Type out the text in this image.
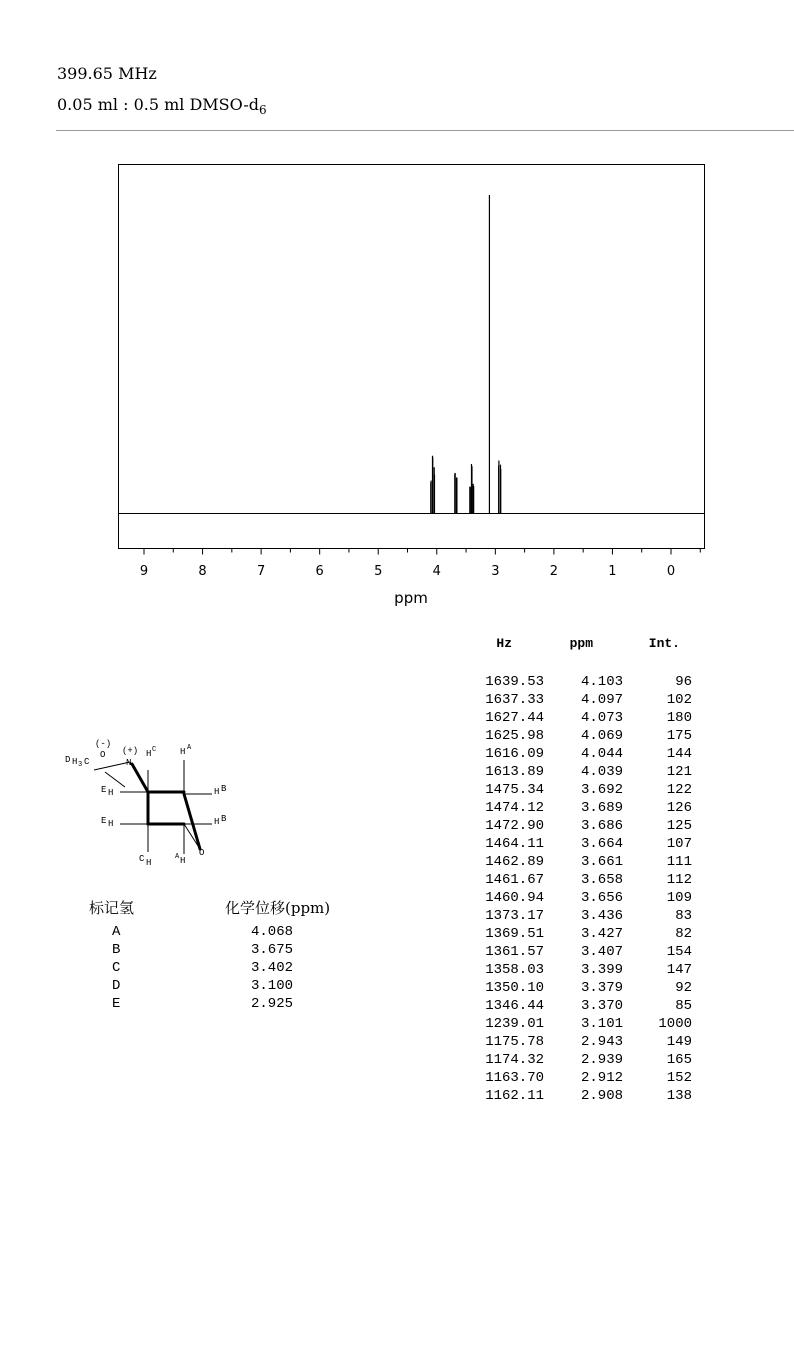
399.65 MHz
0.05 ml : 0.5 ml DMSO-$d_6$
9	8	7	6	5	4	3	2	1	0
ppm
Hz	ppm	Int.
1639.53	4.103	96
1637.33	4.097	102
1627.44	4.073	180
1625.98	4.069	175
1616.09	4.044	144
1613.89	4.039	121
1475.34	3.692	122
1474.12	3.689	126
1472.90	3.686	125
1464.11	3.664	107
1462.89	3.661	111
1461.67	3.658	112
1460.94	3.656	109
1373.17	3.436	83
1369.51	3.427	82
1361.57	3.407	154
1358.03	3.399	147
1350.10	3.379	92
1346.44	3.370	85
1239.01	3.101	1000
1175.78	2.943	149
1174.32	2.939	165
1163.70	2.912	152
1162.11	2.908	138
(-)
O (+)
N
D H 3 C
H C	H A
E H	H B
E H	H B
C H
A H
O
标记氢	化学位移(ppm)
A	4.068
B	3.675
C	3.402
D	3.100
E	2.925
